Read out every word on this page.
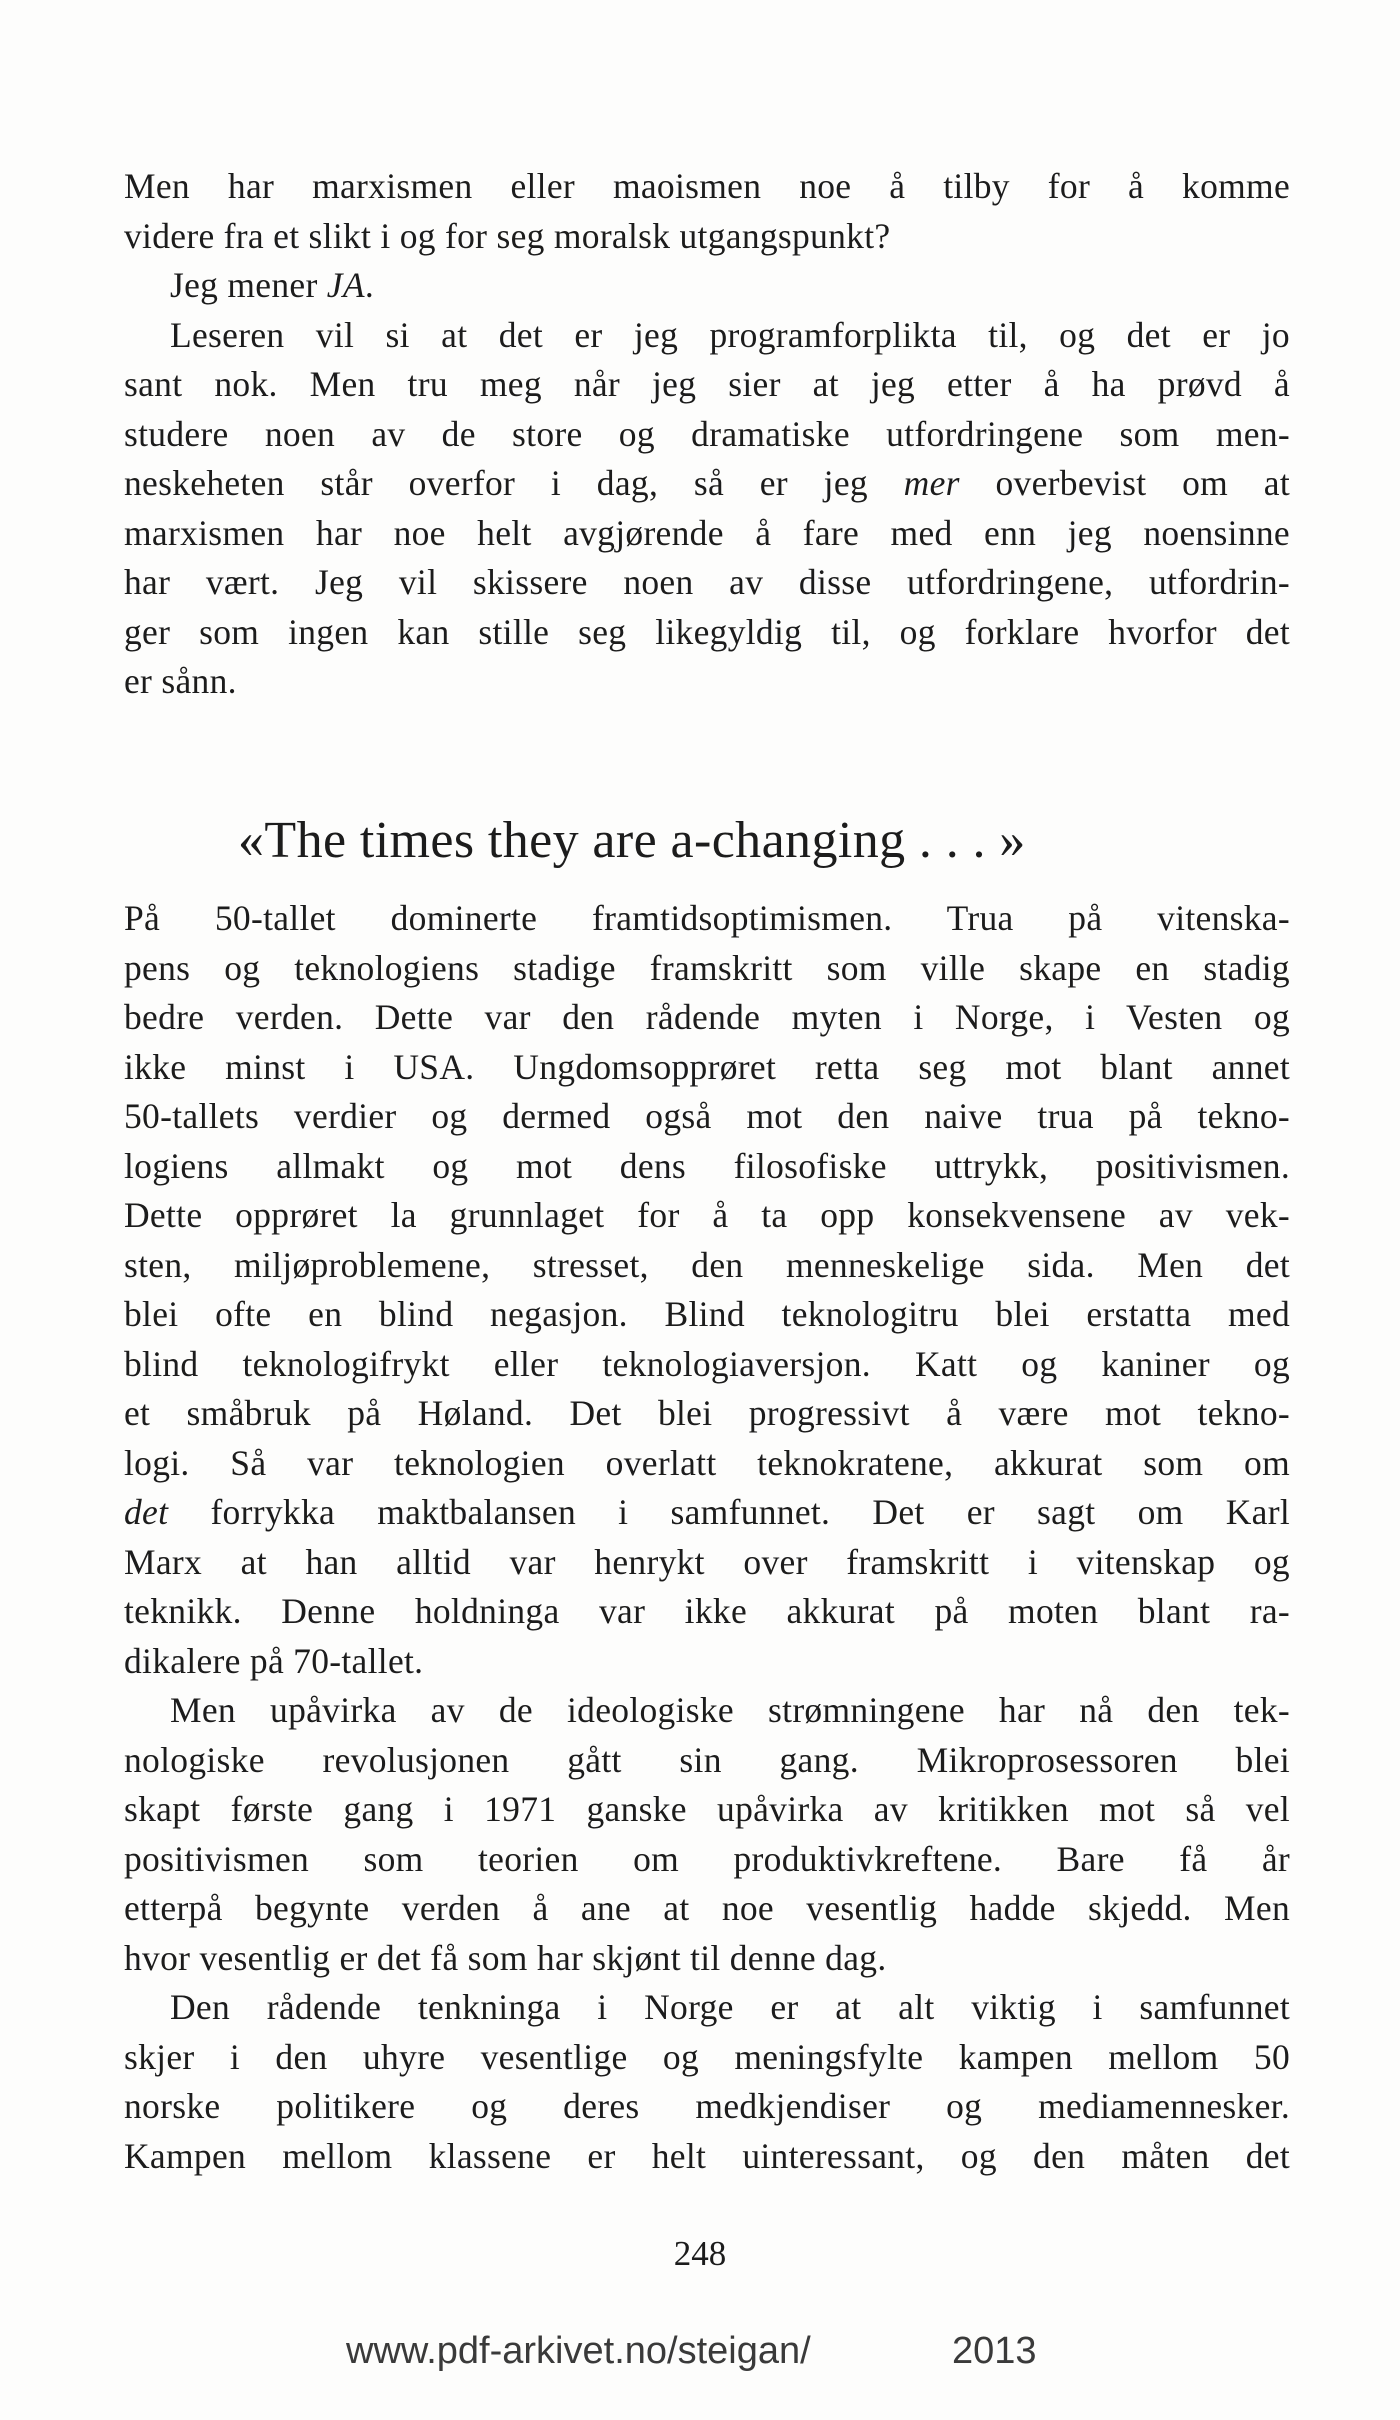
Men har marxismen eller maoismen noe å tilby for å komme
videre fra et slikt i og for seg moralsk utgangspunkt?
Jeg mener JA.
Leseren vil si at det er jeg programforplikta til, og det er jo
sant nok. Men tru meg når jeg sier at jeg etter å ha prøvd å
studere noen av de store og dramatiske utfordringene som men-
neskeheten står overfor i dag, så er jeg mer overbevist om at
marxismen har noe helt avgjørende å fare med enn jeg noensinne
har vært. Jeg vil skissere noen av disse utfordringene, utfordrin-
ger som ingen kan stille seg likegyldig til, og forklare hvorfor det
er sånn.
«The times they are a-changing . . . »
På 50-tallet dominerte framtidsoptimismen. Trua på vitenska-
pens og teknologiens stadige framskritt som ville skape en stadig
bedre verden. Dette var den rådende myten i Norge, i Vesten og
ikke minst i USA. Ungdomsopprøret retta seg mot blant annet
50-tallets verdier og dermed også mot den naive trua på tekno-
logiens allmakt og mot dens filosofiske uttrykk, positivismen.
Dette opprøret la grunnlaget for å ta opp konsekvensene av vek-
sten, miljøproblemene, stresset, den menneskelige sida. Men det
blei ofte en blind negasjon. Blind teknologitru blei erstatta med
blind teknologifrykt eller teknologiaversjon. Katt og kaniner og
et småbruk på Høland. Det blei progressivt å være mot tekno-
logi. Så var teknologien overlatt teknokratene, akkurat som om
det forrykka maktbalansen i samfunnet. Det er sagt om Karl
Marx at han alltid var henrykt over framskritt i vitenskap og
teknikk. Denne holdninga var ikke akkurat på moten blant ra-
dikalere på 70-tallet.
Men upåvirka av de ideologiske strømningene har nå den tek-
nologiske revolusjonen gått sin gang. Mikroprosessoren blei
skapt første gang i 1971 ganske upåvirka av kritikken mot så vel
positivismen som teorien om produktivkreftene. Bare få år
etterpå begynte verden å ane at noe vesentlig hadde skjedd. Men
hvor vesentlig er det få som har skjønt til denne dag.
Den rådende tenkninga i Norge er at alt viktig i samfunnet
skjer i den uhyre vesentlige og meningsfylte kampen mellom 50
norske politikere og deres medkjendiser og mediamennesker.
Kampen mellom klassene er helt uinteressant, og den måten det
248
www.pdf-arkivet.no/steigan/	2013
